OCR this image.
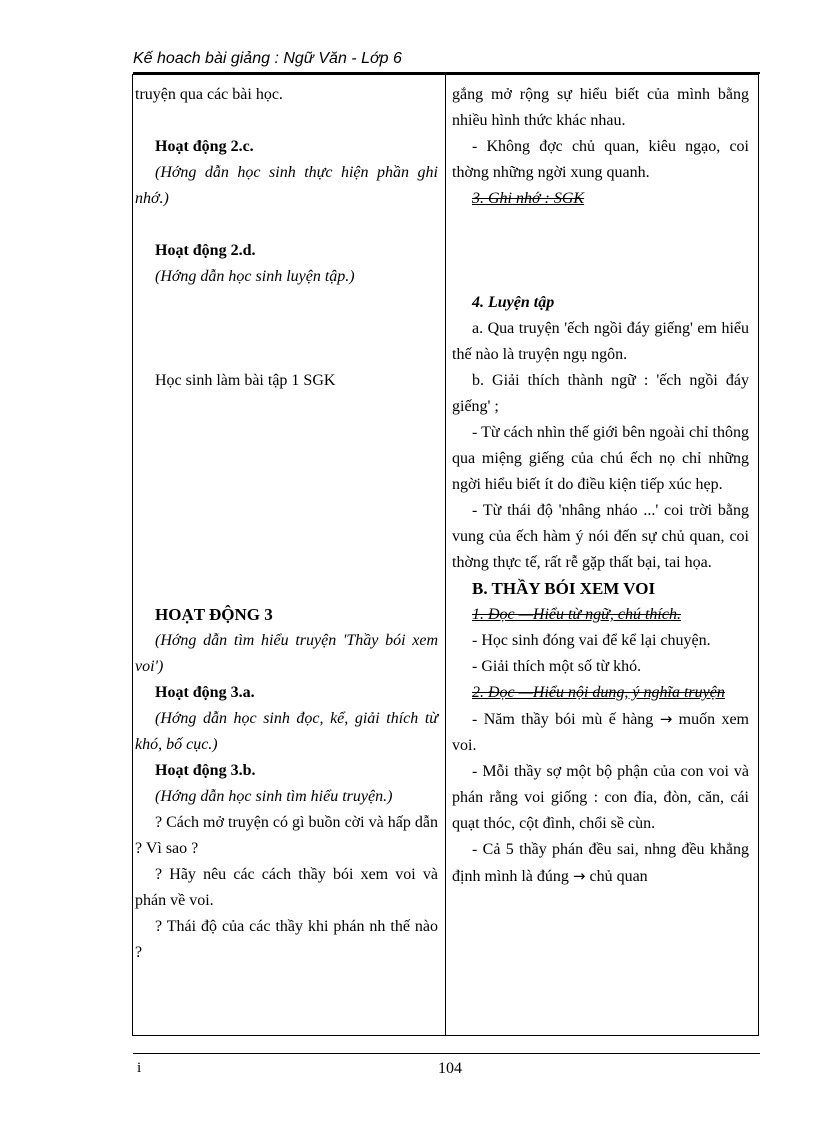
Kế hoach bài giảng : Ngữ Văn - Lớp 6

truyện qua các bài học.

Hoạt động 2.c.

(Hớng dẫn học sinh thực hiện phần ghi nhớ.)

Hoạt động 2.d.

(Hớng dẫn học sinh luyện tập.)

Học sinh làm bài tập 1 SGK

HOẠT ĐỘNG 3

(Hớng dẫn tìm hiểu truyện 'Thầy bói xem voi')

Hoạt động 3.a.

(Hớng dẫn học sinh đọc, kể, giải thích từ khó, bố cục.)

Hoạt động 3.b.

(Hớng dẫn học sinh tìm hiểu truyện.)

? Cách mở truyện có gì buồn cời và hấp dẫn ? Vì sao ?

? Hãy nêu các cách thầy bói xem voi và phán về voi.

? Thái độ của các thầy khi phán nh thế nào ?

gắng mở rộng sự hiểu biết của mình bằng nhiều hình thức khác nhau.

- Không đợc chủ quan, kiêu ngạo, coi thờng những ngời xung quanh.

3. Ghi nhớ : SGK

4. Luyện tập

a. Qua truyện 'ếch ngồi đáy giếng' em hiểu thế nào là truyện ngụ ngôn.

b. Giải thích thành ngữ : 'ếch ngồi đáy giếng' ;

- Từ cách nhìn thế giới bên ngoài chỉ thông qua miệng giếng của chú ếch nọ chỉ những ngời hiểu biết ít do điều kiện tiếp xúc hẹp.

- Từ thái độ 'nhâng nháo ...' coi trời bằng vung của ếch hàm ý nói đến sự chủ quan, coi thờng thực tế, rất rễ gặp thất bại, tai họa.

B. THẦY BÓI XEM VOI

1. Đọc —Hiểu từ ngữ, chú thích.

- Học sinh đóng vai để kể lại chuyện.

- Giải thích một số từ khó.

2. Đọc —Hiểu nội dung, ý nghĩa truyện

- Năm thầy bói mù ế hàng → muốn xem voi.

- Mỗi thầy sợ một bộ phận của con voi và phán rằng voi giống : con đỉa, đòn, căn, cái quạt thóc, cột đình, chổi sề cùn.

- Cả 5 thầy phán đều sai, nhng đều khẳng định mình là đúng → chủ quan

i	104
